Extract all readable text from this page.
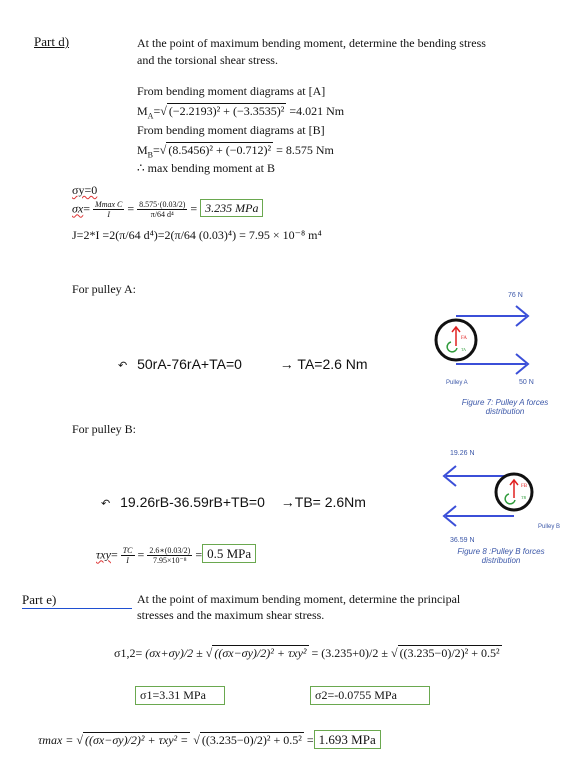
Part d)	At the point of maximum bending moment, determine the bending stress
and the torsional shear stress.
From bending moment diagrams at [A]
$M_A=√$ (−2.2193)² + (−3.3535)² =4.021 Nm
From bending moment diagrams at [B]
$M_B=√$ (8.5456)² + (−0.712)² = 8.575 Nm
∴ max bending moment at B
σy=0
$\sigma x= \frac{\text{Mmax C}}{I} = \frac{8.575\cdot(0.03/2)}{\text{π/64 d⁴}} = 3.235$ MPa
J=2*I =2(π/64 d⁴)=2(π/64 (0.03)⁴) = 7.95 × 10⁻⁸ m⁴
For pulley A:
↶ 50rA-76rA+TA=0	→ TA=2.6 Nm
76 N
50 N
Pulley A
FA
TA
Figure 7: Pulley A forces
distribution
For pulley B:
↶ 19.26rB-36.59rB+TB=0 →TB= 2.6Nm
19.26 N
36.59 N
Pulley B
FB
TB
Figure 8 :Pulley B forces
distribution
$\tau xy= \frac{TC}{I} = \frac{2.6∗(0.03/2)}{\text{7.95×10⁻⁸}} = 0.5$ MPa
Part e)	At the point of maximum bending moment, determine the principal
stresses and the maximum shear stress.
σ1,2= (σx+σy)/2 ± √ ((σx−σy)/2)² + τxy² = (3.235+0)/2 ± √ ((3.235−0)/2)² + 0.5²
σ1=3.31 MPa	σ2=-0.0755 MPa
τmax = √ ((σx−σy)/2)² + τxy² = √ ((3.235−0)/2)² + 0.5² = 1.693 MPa
